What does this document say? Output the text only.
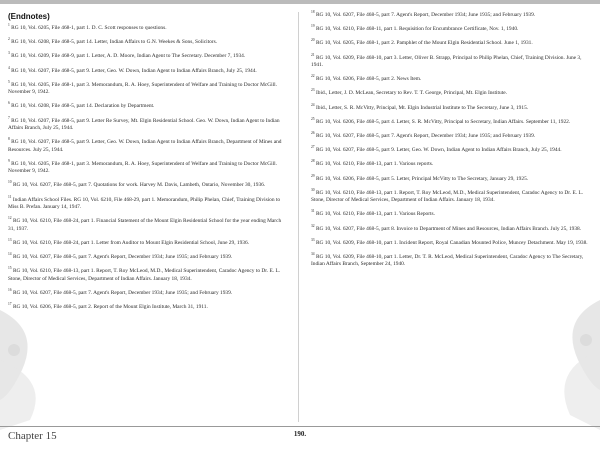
(Endnotes)

$^1$ RG 10, Vol. 6205, File 468-1, part 1. D. C. Scott responses to questions.

$^2$ RG 10, Vol. 6208, File 468-5, part 14. Letter, Indian Affairs to G.N. Weekes & Sons, Solicitors.

$^3$ RG 10, Vol. 6209, File 468-9, part 1. Letter, A. D. Moore, Indian Agent to The Secretary. December 7, 1934.

$^4$ RG 10, Vol. 6207, File 468-5, part 9. Letter, Geo. W. Down, Indian Agent to Indian Affairs Branch, July 25, 1944.

$^5$ RG 10, Vol. 6205, File 468-1, part 3. Memorandum, R. A. Hoey, Superintendent of Welfare and Training to Doctor McGill. November 9, 1942.

$^6$ RG 10, Vol. 6208, File 468-5, part 14. Declaration by Department.

$^7$ RG 10, Vol. 6207, File 468-5, part 9. Letter Re Survey, Mt. Elgin Residential School. Geo. W. Down, Indian Agent to Indian Affairs Branch, July 25, 1944.

$^8$ RG 10, Vol. 6207, File 468-5, part 9. Letter, Geo. W. Down, Indian Agent to Indian Affairs Branch, Department of Mines and Resources. July 25, 1944.

$^9$ RG 10, Vol. 6205, File 468-1, part 3. Memorandum, R. A. Hoey, Superintendent of Welfare and Training to Doctor McGill. November 9, 1942.

$^{10}$ RG 10, Vol. 6207, File 468-5, part 7. Quotations for work. Harvey M. Davis, Lambeth, Ontario, November 30, 1936.

$^{11}$ Indian Affairs School Files. RG 10, Vol. 6210, File 468-29, part 1. Memorandum, Philip Phelan, Chief, Training Division to Miss B. Prefan. January 14, 1947.

$^{12}$ RG 10, Vol. 6210, File 468-24, part 1. Financial Statement of the Mount Elgin Residential School for the year ending March 31, 1937.

$^{13}$ RG 10, Vol. 6210, File 468-24, part 1. Letter from Auditor to Mount Elgin Residential School, June 29, 1936.

$^{14}$ RG 10, Vol. 6207, File 468-5, part 7. Agent's Report, December 1934; June 1935; and February 1939.

$^{15}$ RG 10, Vol. 6210, File 468-13, part 1. Report, T. Roy McLeod, M.D., Medical Superintendent, Caradoc Agency to Dr. E. L. Stone, Director of Medical Services, Department of Indian Affairs. January 18, 1934.

$^{16}$ RG 10, Vol. 6207, File 468-5, part 7. Agent's Report, December 1934; June 1935; and February 1939.

$^{17}$ RG 10, Vol. 6206, File 468-5, part 2. Report of the Mount Elgin Institute, March 31, 1911.

$^{18}$ RG 10, Vol. 6207, File 468-5, part 7. Agent's Report, December 1934; June 1935; and February 1939.

$^{19}$ RG 10, Vol. 6210, File 468-11, part 1. Requisition for Encumbrance Certificate, Nov. 1, 1940.

$^{20}$ RG 10, Vol. 6205, File 468-1, part 2. Pamphlet of the Mount Elgin Residential School. June 1, 1931.

$^{21}$ RG 10, Vol. 6209, File 468-10, part 3. Letter, Oliver B. Strapp, Principal to Philip Phelan, Chief, Training Division. June 3, 1941.

$^{22}$ RG 10, Vol. 6206, File 468-5, part 2. News Item.

$^{23}$ Ibid., Letter, J. D. McLean, Secretary to Rev. T. T. George, Principal, Mt. Elgin Institute.

$^{24}$ Ibid., Letter, S. R. McVitty, Principal, Mt. Elgin Industrial Institute to The Secretary, June 3, 1915.

$^{25}$ RG 10, Vol. 6206, File 468-5, part 4. Letter, S. R. McVitty, Principal to Secretary, Indian Affairs. September 11, 1922.

$^{26}$ RG 10, Vol. 6207, File 468-5, part 7. Agent's Report, December 1934; June 1935; and February 1939.

$^{27}$ RG 10, Vol. 6207, File 468-5, part 9. Letter, Geo. W. Down, Indian Agent to Indian Affairs Branch, July 25, 1944.

$^{28}$ RG 10, Vol. 6210, File 468-13, part 1. Various reports.

$^{29}$ RG 10, Vol. 6206, File 468-5, part 5. Letter, Principal McVitty to The Secretary, January 29, 1925.

$^{30}$ RG 10, Vol. 6210, File 468-13, part 1. Report, T. Roy McLeod, M.D., Medical Superintendent, Caradoc Agency to Dr. E. L. Stone, Director of Medical Services, Department of Indian Affairs. January 18, 1934.

$^{31}$ RG 10, Vol. 6210, File 468-13, part 1. Various Reports.

$^{32}$ RG 10, Vol. 6207, File 468-5, part 8. Invoice to Department of Mines and Resources, Indian Affairs Branch. July 25, 1938.

$^{33}$ RG 10, Vol. 6209, File 468-10, part 1. Incident Report, Royal Canadian Mounted Police, Muncey Detachment. May 19, 1938.

$^{34}$ RG 10, Vol. 6209, File 468-10, part 1. Letter, Dr. T. R. McLeod, Medical Superintendent, Caradoc Agency to The Secretary, Indian Affairs Branch, September 24, 1940.

Chapter 15	190.
